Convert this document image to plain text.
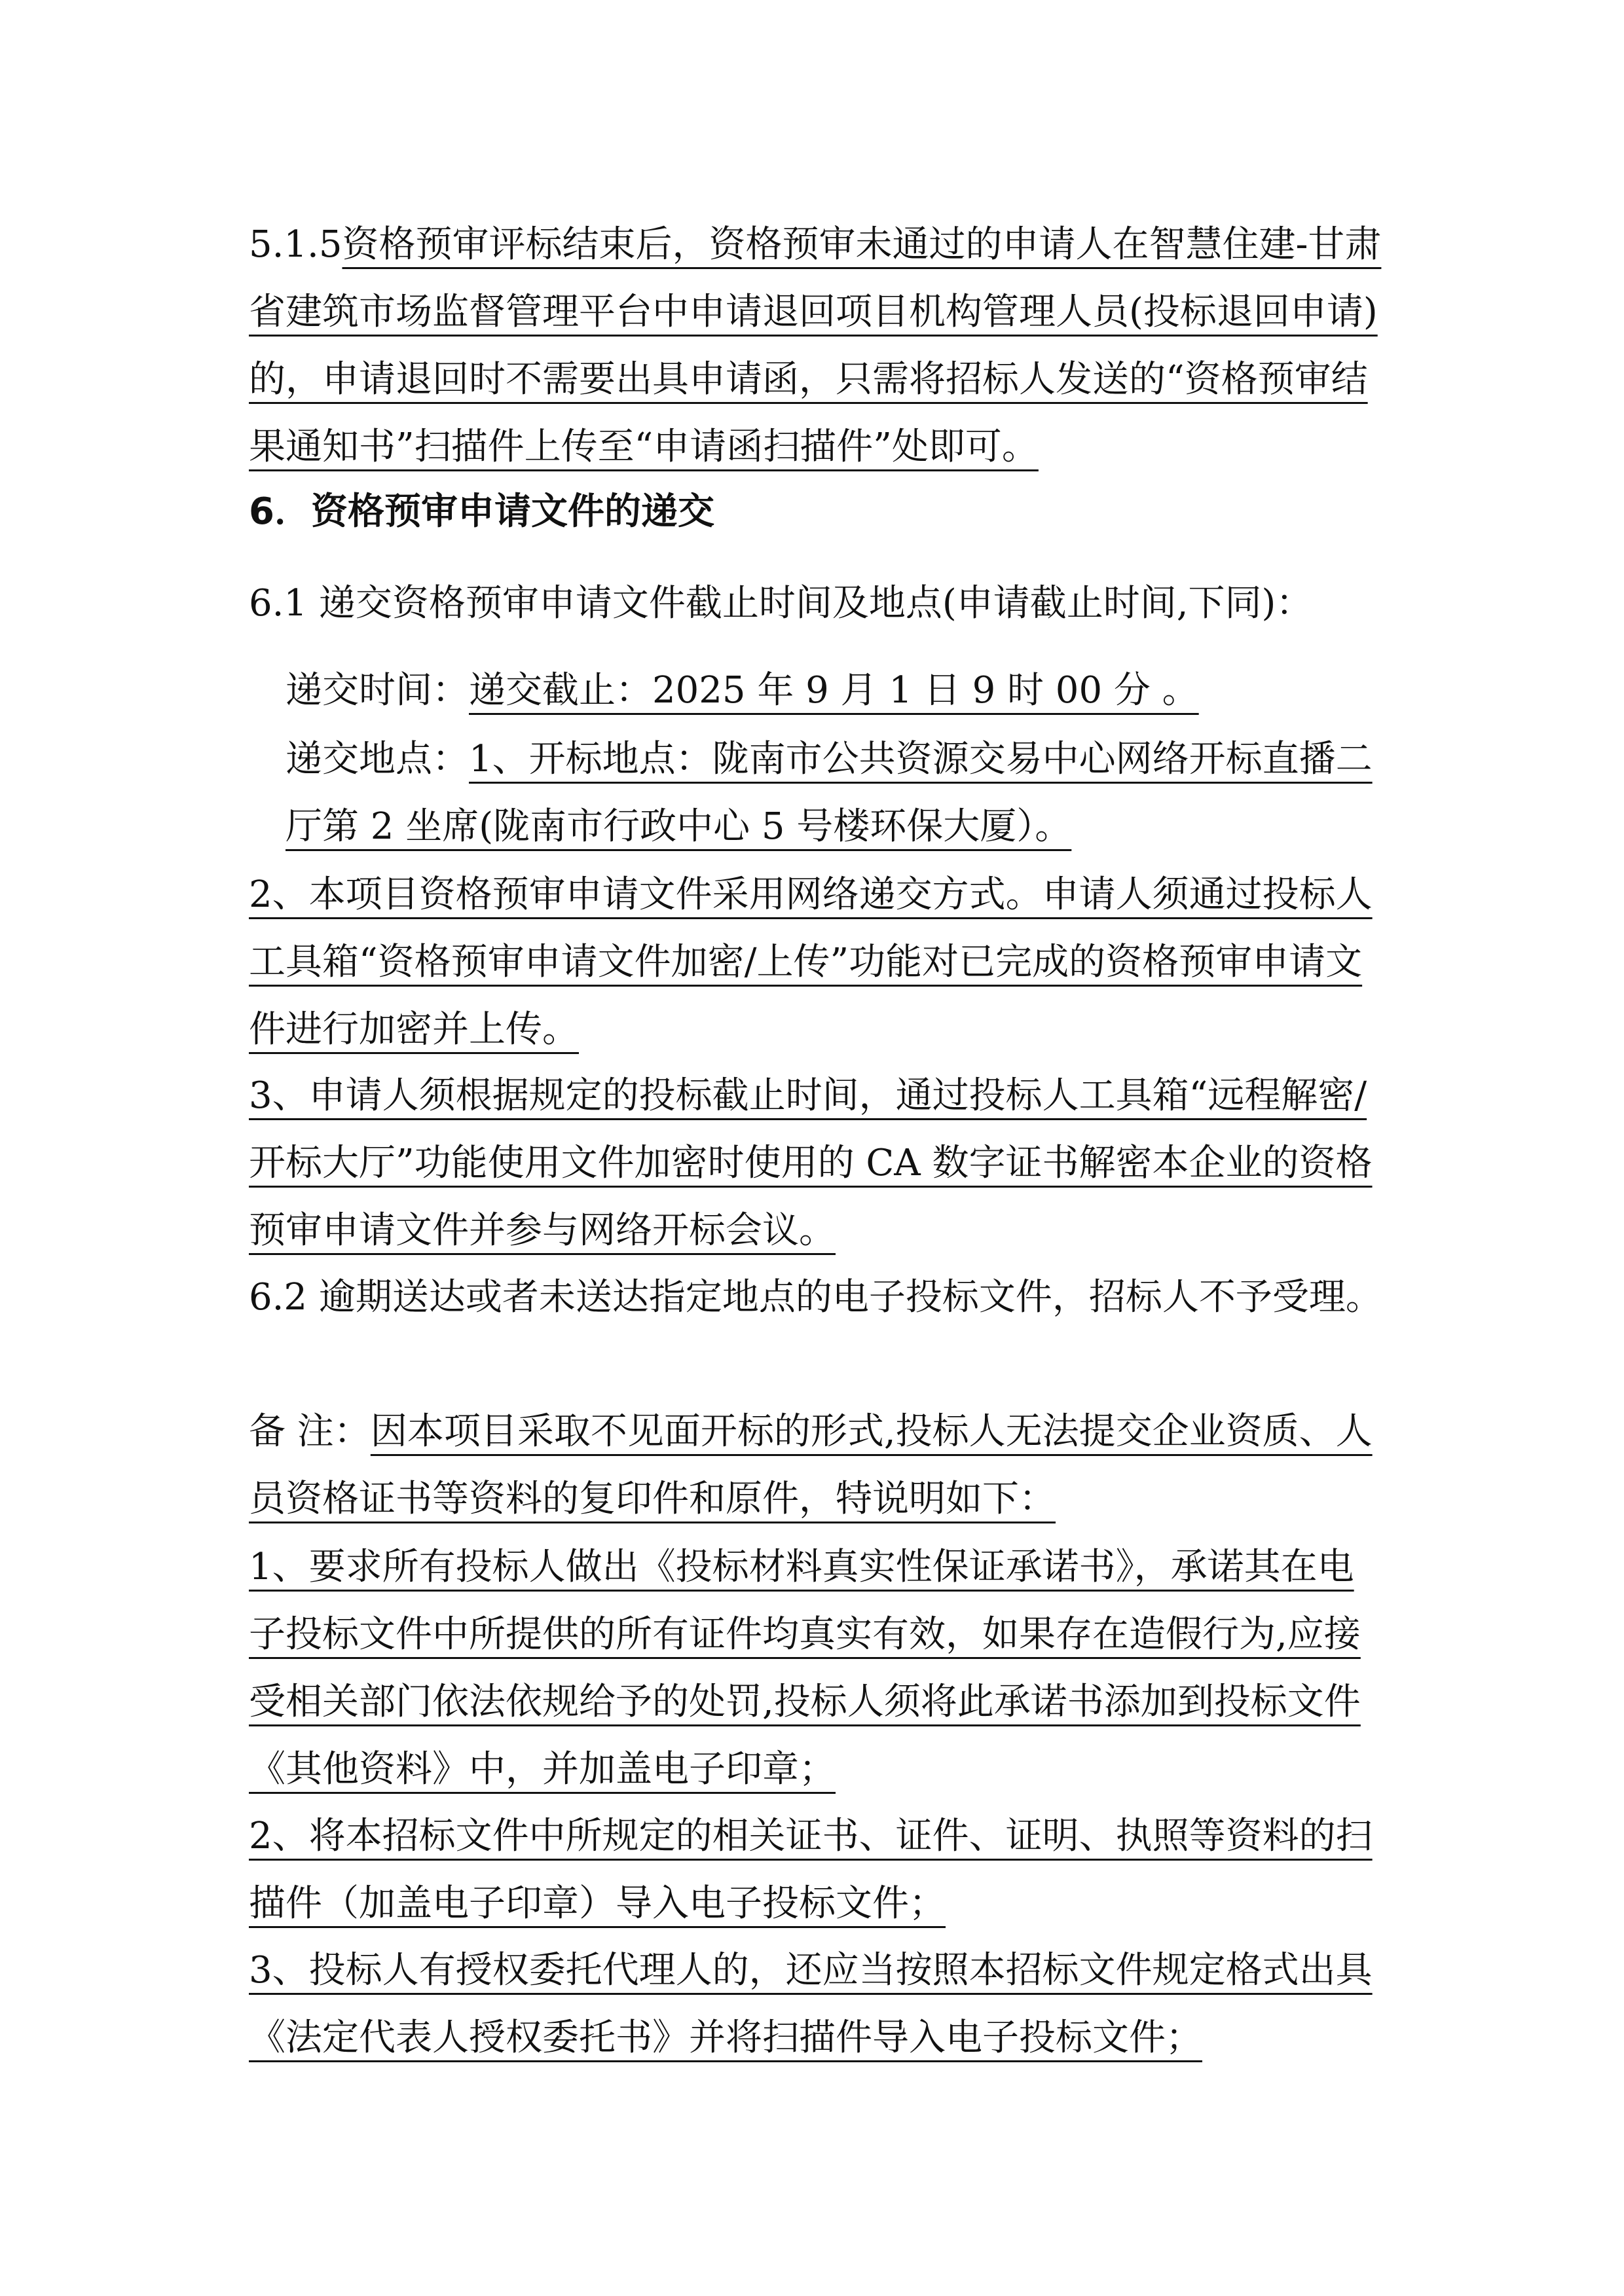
5.1.5资格预审评标结束后，资格预审未通过的申请人在智慧住建-甘肃省建筑市场监督管理平台中申请退回项目机构管理人员(投标退回申请)的，申请退回时不需要出具申请函，只需将招标人发送的“资格预审结果通知书”扫描件上传至“申请函扫描件”处即可。

6．资格预审申请文件的递交

6.1 递交资格预审申请文件截止时间及地点(申请截止时间,下同)：

递交时间：递交截止：2025 年 9 月 1 日 9 时 00 分 。

递交地点：1、开标地点：陇南市公共资源交易中心网络开标直播二厅第 2 坐席(陇南市行政中心 5 号楼环保大厦）。

2、本项目资格预审申请文件采用网络递交方式。申请人须通过投标人工具箱“资格预审申请文件加密/上传”功能对已完成的资格预审申请文件进行加密并上传。

3、申请人须根据规定的投标截止时间，通过投标人工具箱“远程解密/开标大厅”功能使用文件加密时使用的 CA 数字证书解密本企业的资格预审申请文件并参与网络开标会议。

6.2 逾期送达或者未送达指定地点的电子投标文件，招标人不予受理。

备 注：因本项目采取不见面开标的形式,投标人无法提交企业资质、人员资格证书等资料的复印件和原件，特说明如下：

1、要求所有投标人做出《投标材料真实性保证承诺书》，承诺其在电子投标文件中所提供的所有证件均真实有效，如果存在造假行为,应接受相关部门依法依规给予的处罚,投标人须将此承诺书添加到投标文件《其他资料》中，并加盖电子印章；

2、将本招标文件中所规定的相关证书、证件、证明、执照等资料的扫描件（加盖电子印章）导入电子投标文件；

3、投标人有授权委托代理人的，还应当按照本招标文件规定格式出具《法定代表人授权委托书》并将扫描件导入电子投标文件；
